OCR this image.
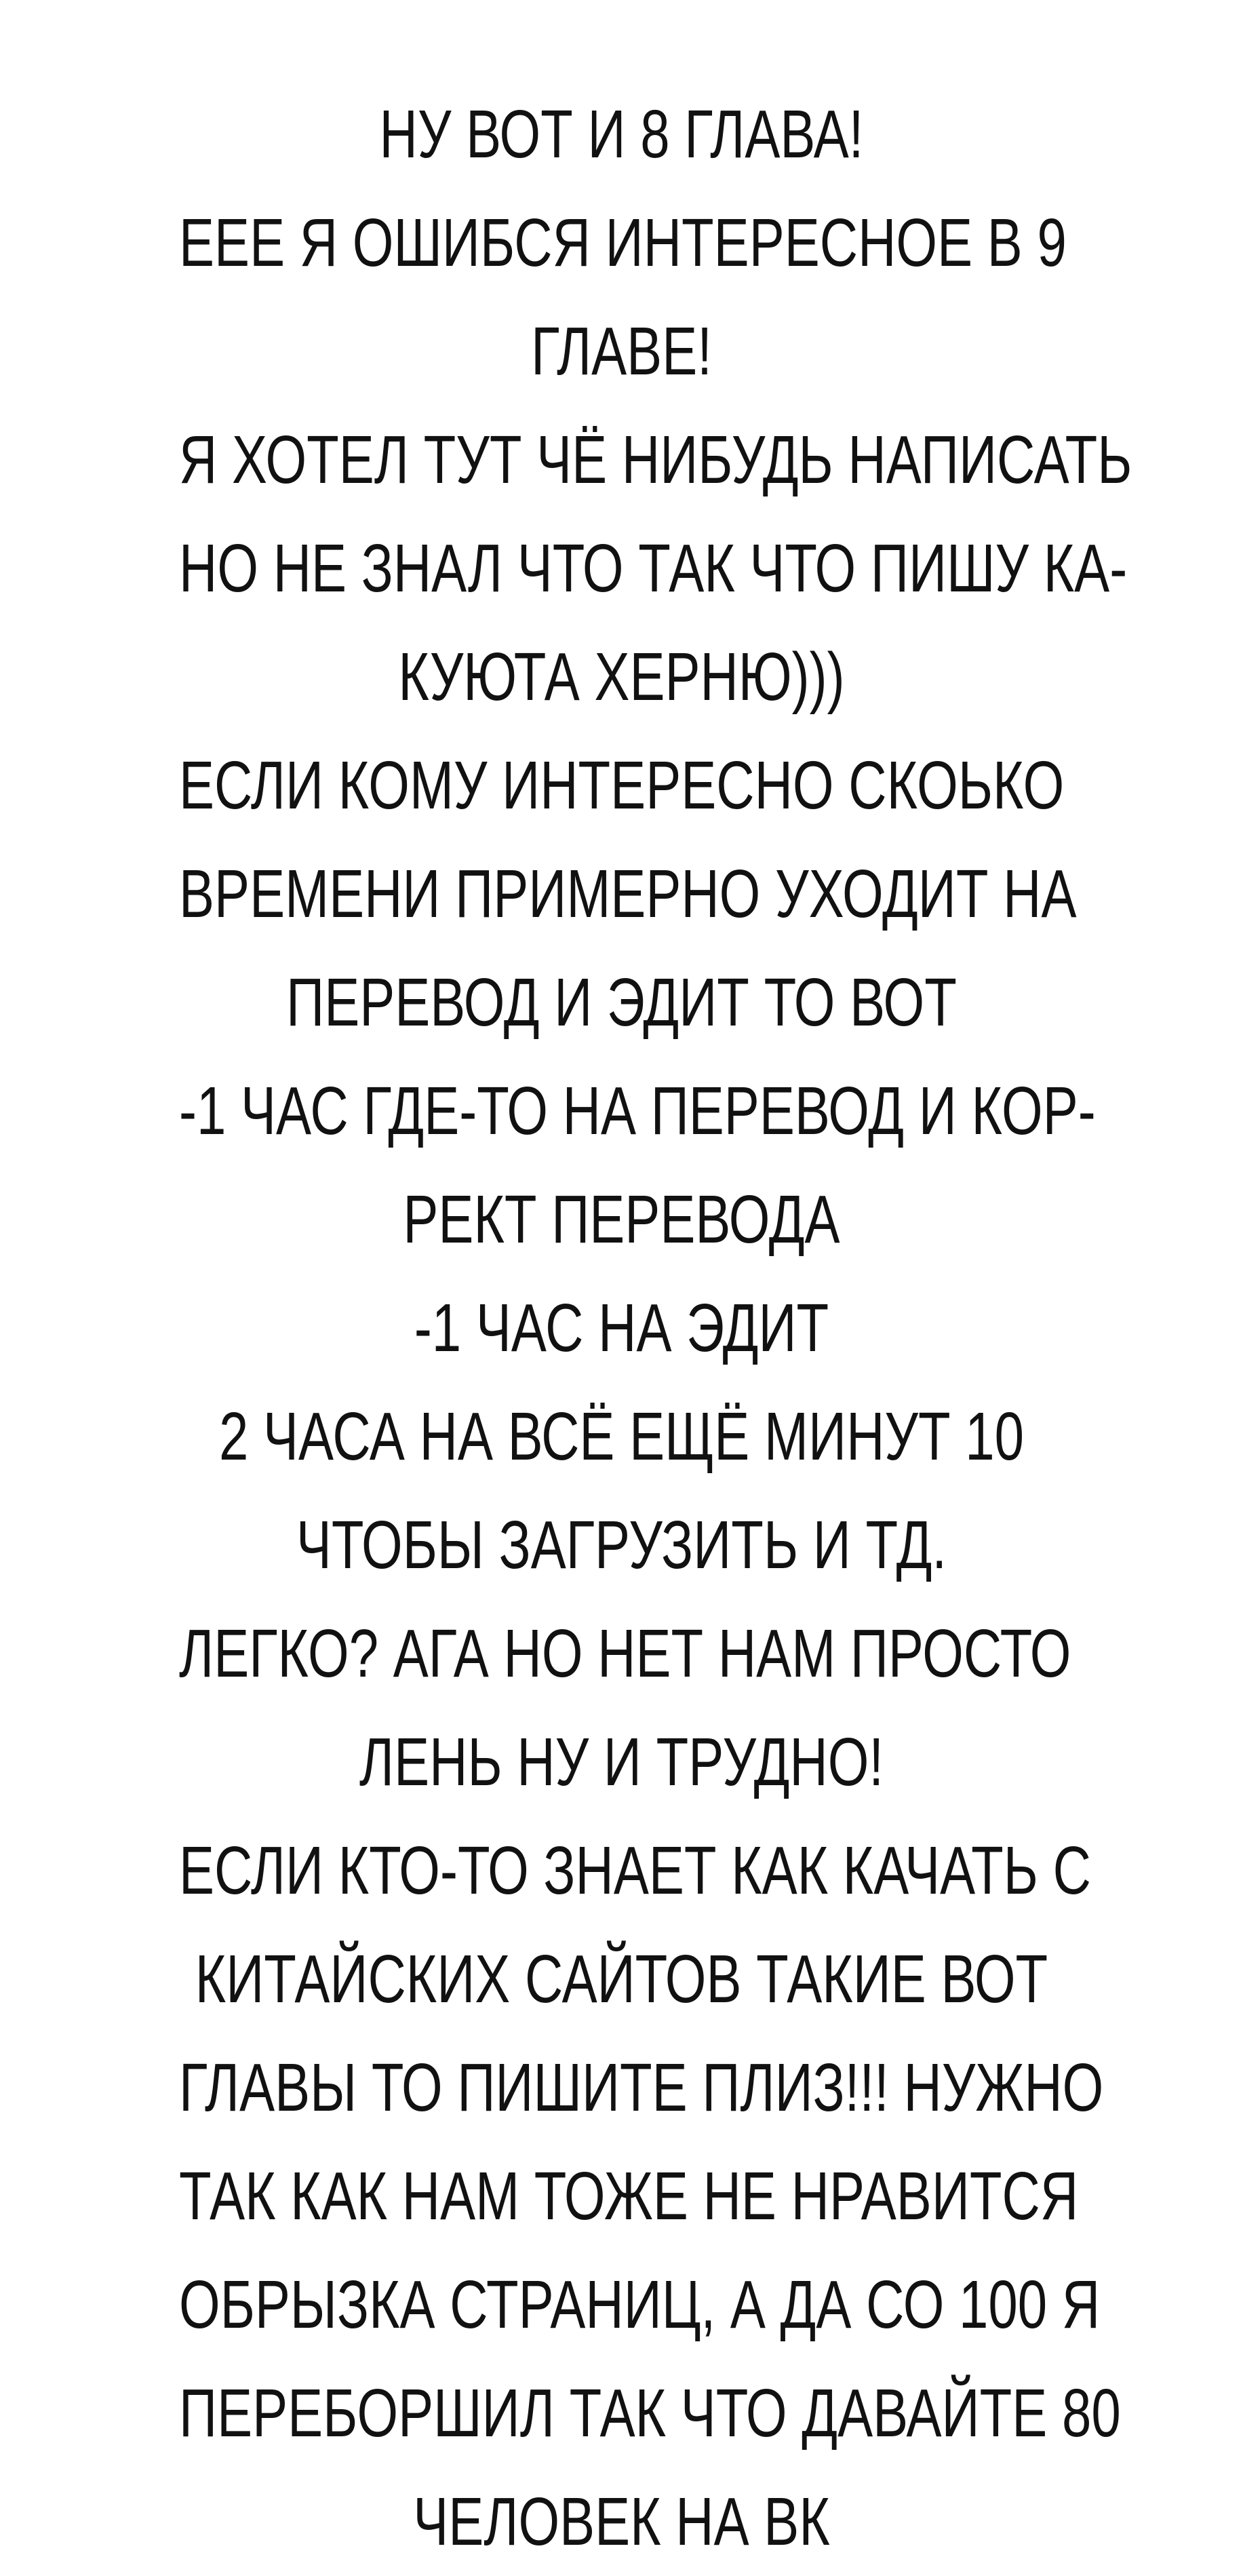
НУ ВОТ И 8 ГЛАВА!
ЕЕЕ Я ОШИБСЯ ИНТЕРЕСНОЕ В 9
ГЛАВЕ!
Я ХОТЕЛ ТУТ ЧЁ НИБУДЬ НАПИСАТЬ
НО НЕ ЗНАЛ ЧТО ТАК ЧТО ПИШУ КА-
КУЮТА ХЕРНЮ)))
ЕСЛИ КОМУ ИНТЕРЕСНО СКОЬКО
ВРЕМЕНИ ПРИМЕРНО УХОДИТ НА
ПЕРЕВОД И ЭДИТ ТО ВОТ
-1 ЧАС ГДЕ-ТО НА ПЕРЕВОД И КОР-
РЕКТ ПЕРЕВОДА
-1 ЧАС НА ЭДИТ
2 ЧАСА НА ВСЁ ЕЩЁ МИНУТ 10
ЧТОБЫ ЗАГРУЗИТЬ И ТД.
ЛЕГКО? АГА НО НЕТ НАМ ПРОСТО
ЛЕНЬ НУ И ТРУДНО!
ЕСЛИ КТО-ТО ЗНАЕТ КАК КАЧАТЬ С
КИТАЙСКИХ САЙТОВ ТАКИЕ ВОТ
ГЛАВЫ ТО ПИШИТЕ ПЛИЗ!!! НУЖНО
ТАК КАК НАМ ТОЖЕ НЕ НРАВИТСЯ
ОБРЫЗКА СТРАНИЦ, А ДА СО 100 Я
ПЕРЕБОРШИЛ ТАК ЧТО ДАВАЙТЕ 80
ЧЕЛОВЕК НА ВК
